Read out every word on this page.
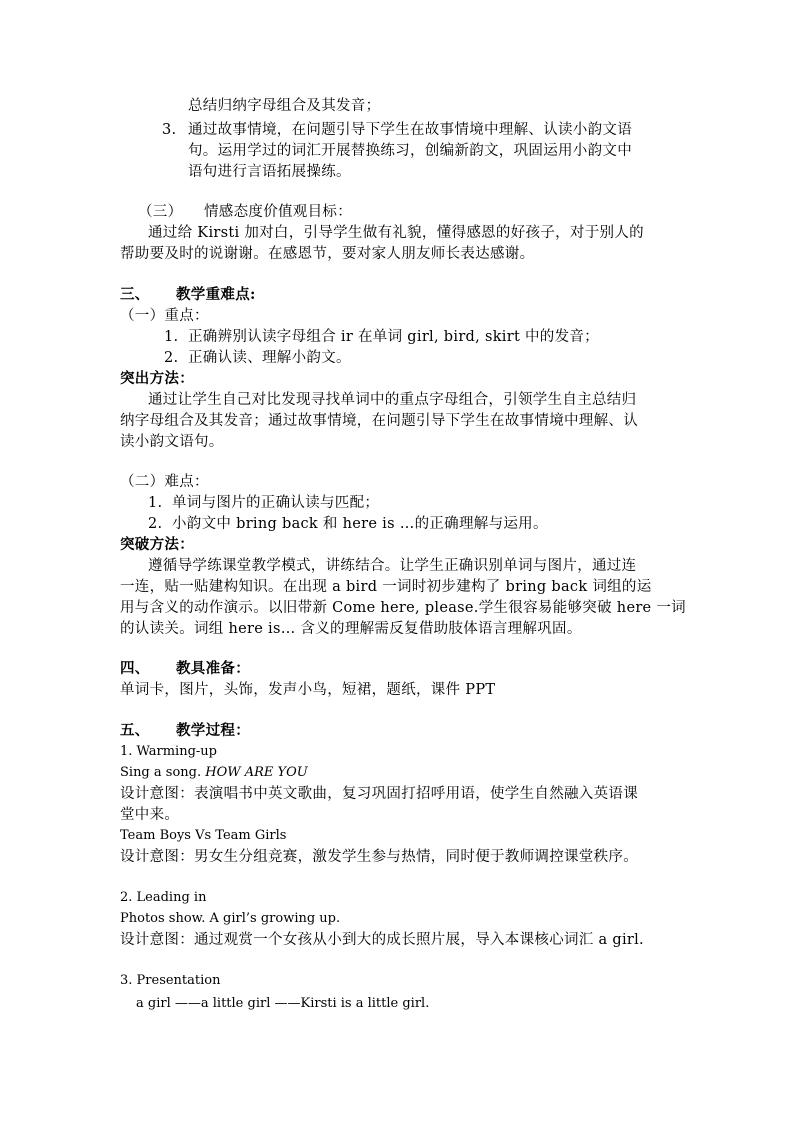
总结归纳字母组合及其发音；
3. 通过故事情境，在问题引导下学生在故事情境中理解、认读小韵文语
句。运用学过的词汇开展替换练习，创编新韵文，巩固运用小韵文中
语句进行言语拓展操练。
（三） 情感态度价值观目标：
通过给 Kirsti 加对白，引导学生做有礼貌，懂得感恩的好孩子，对于别人的
帮助要及时的说谢谢。在感恩节，要对家人朋友师长表达感谢。
三、 教学重难点:
（一）重点：
1. 正确辨别认读字母组合 ir 在单词 girl, bird, skirt 中的发音；
2. 正确认读、理解小韵文。
突出方法：
通过让学生自己对比发现寻找单词中的重点字母组合，引领学生自主总结归
纳字母组合及其发音；通过故事情境，在问题引导下学生在故事情境中理解、认
读小韵文语句。
（二）难点：
1. 单词与图片的正确认读与匹配；
2. 小韵文中 bring back 和 here is …的正确理解与运用。
突破方法：
遵循导学练课堂教学模式，讲练结合。让学生正确识别单词与图片，通过连
一连，贴一贴建构知识。在出现 a bird 一词时初步建构了 bring back 词组的运
用与含义的动作演示。以旧带新 Come here, please.学生很容易能够突破 here 一词
的认读关。词组 here is… 含义的理解需反复借助肢体语言理解巩固。
四、 教具准备：
单词卡，图片，头饰，发声小鸟，短裙，题纸，课件 PPT
五、 教学过程：
1. Warming-up
Sing a song. HOW ARE YOU
设计意图：表演唱书中英文歌曲，复习巩固打招呼用语，使学生自然融入英语课
堂中来。
Team Boys Vs Team Girls
设计意图：男女生分组竞赛，激发学生参与热情，同时便于教师调控课堂秩序。
2. Leading in
Photos show. A girl’s growing up.
设计意图：通过观赏一个女孩从小到大的成长照片展，导入本课核心词汇 a girl.
3. Presentation
a girl ——a little girl ——Kirsti is a little girl.
